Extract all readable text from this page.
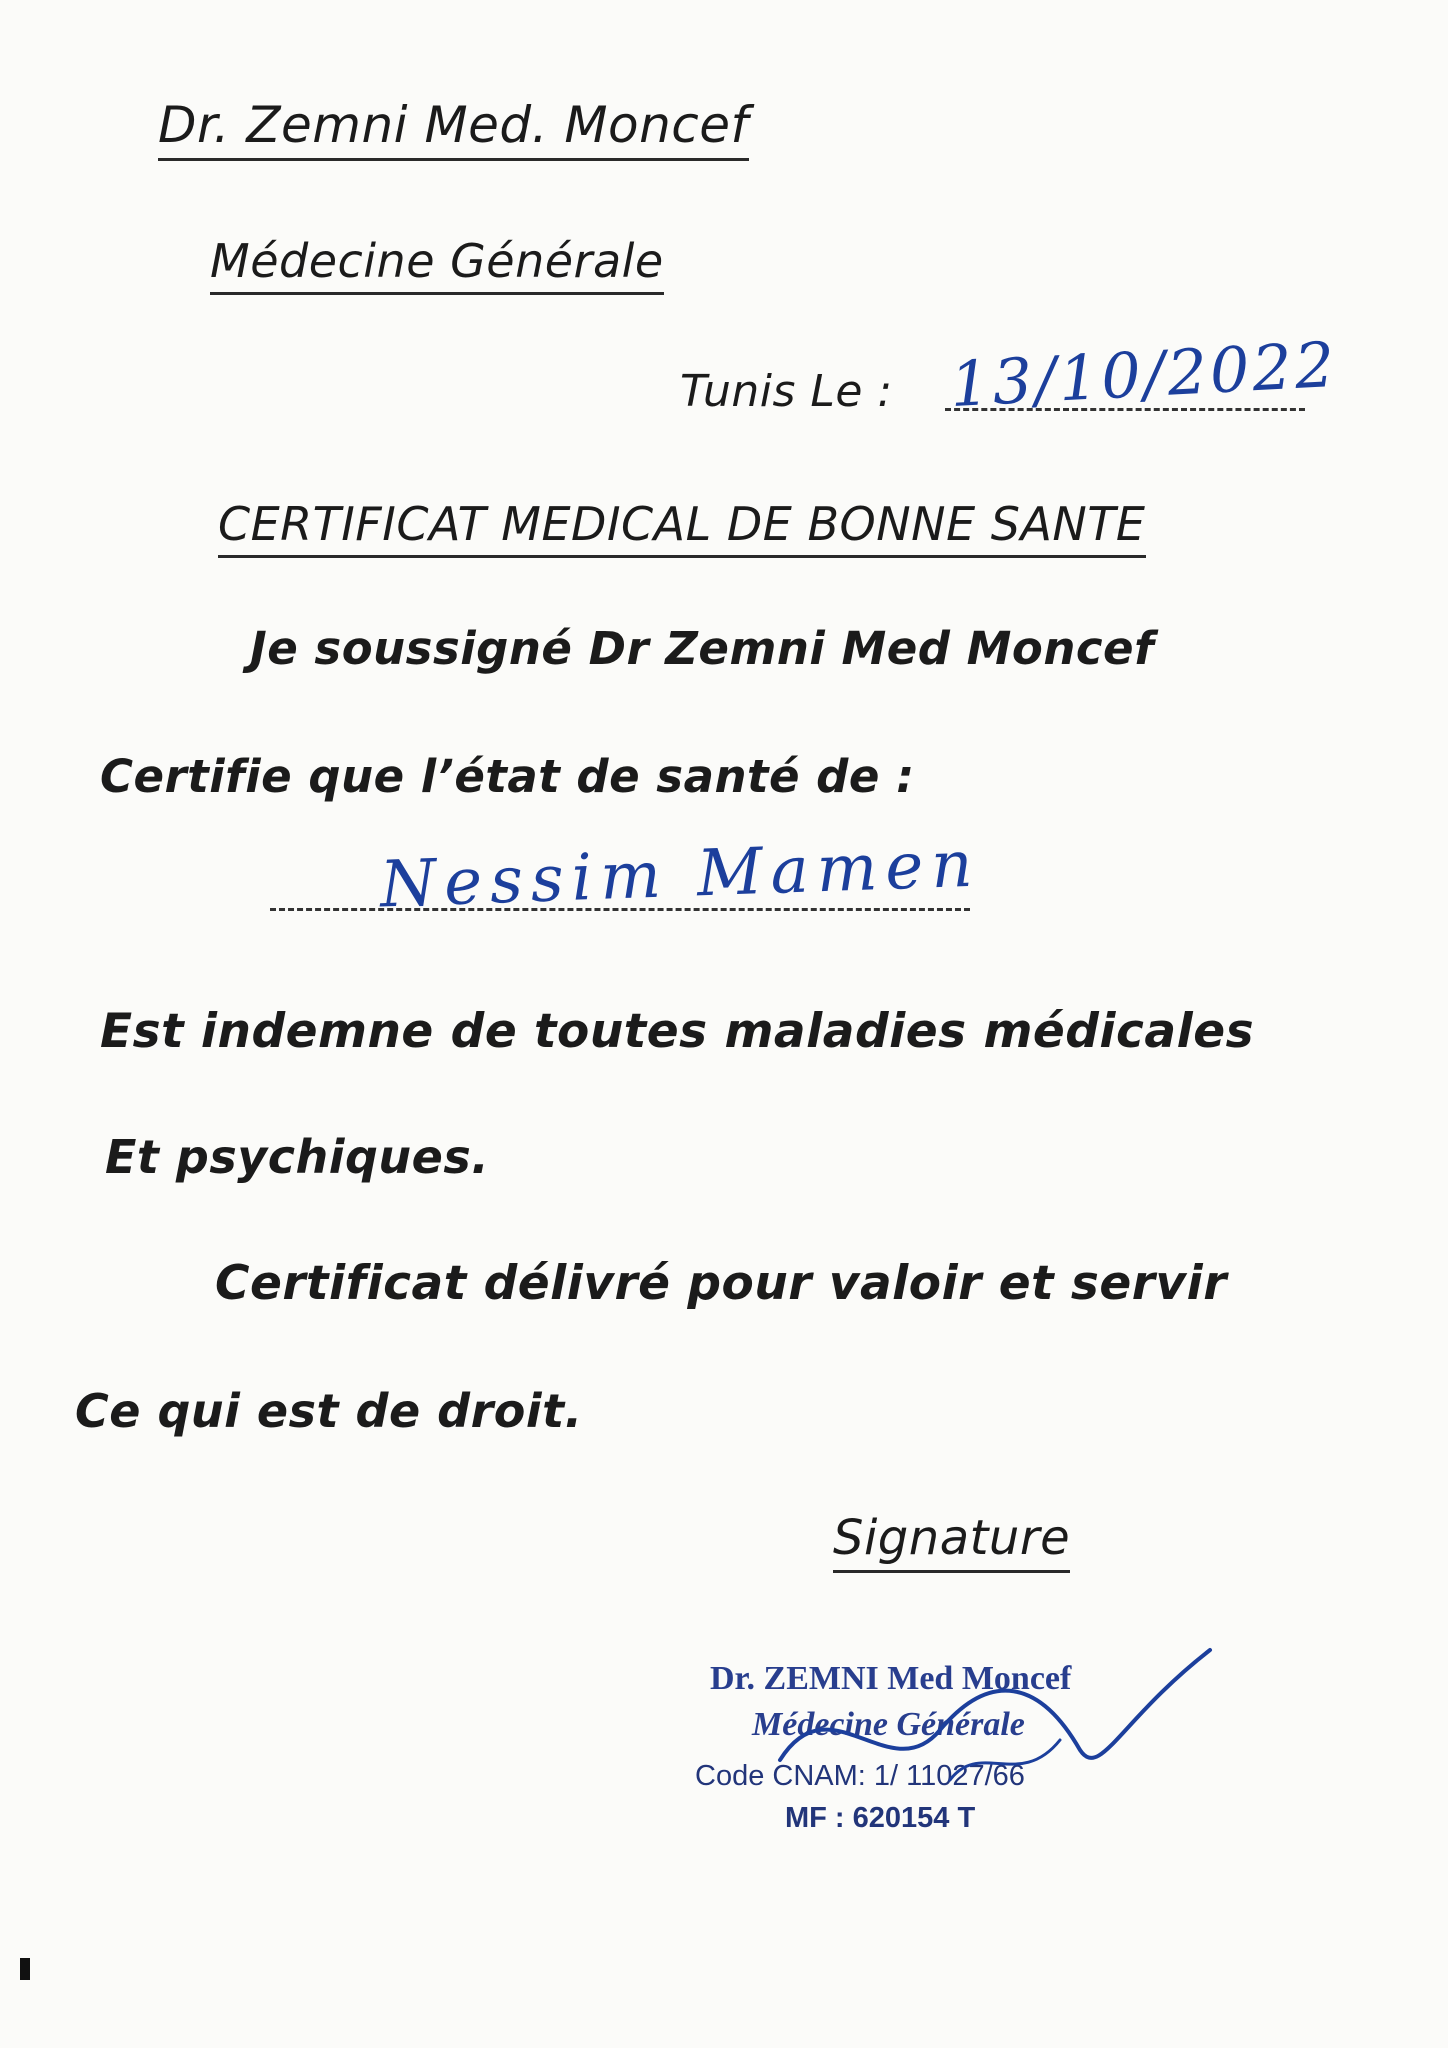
Dr. Zemni Med. Moncef
Médecine Générale
Tunis Le : 13/10/2022
CERTIFICAT MEDICAL DE BONNE SANTE
Je soussigné Dr Zemni Med Moncef
Certifie que l’état de santé de :
Nessim Mamen
Est indemne de toutes maladies médicales
Et psychiques.
Certificat délivré pour valoir et servir
Ce qui est de droit.
Signature
Dr. ZEMNI Med Moncef
Médecine Générale
Code CNAM: 1/ 11027/66
MF : 620154 T
